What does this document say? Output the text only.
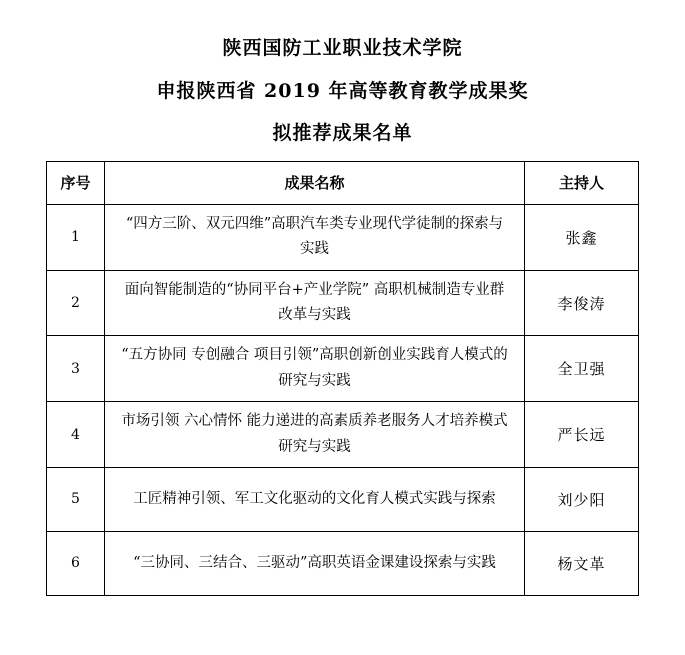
陕西国防工业职业技术学院
申报陕西省 2019 年高等教育教学成果奖
拟推荐成果名单
序号	成果名称	主持人
1	“四方三阶、双元四维”高职汽车类专业现代学徒制的探索与实践	张鑫
2	面向智能制造的“协同平台+产业学院” 高职机械制造专业群改革与实践	李俊涛
3	“五方协同 专创融合 项目引领”高职创新创业实践育人模式的研究与实践	全卫强
4	市场引领 六心情怀 能力递进的高素质养老服务人才培养模式研究与实践	严长远
5	工匠精神引领、军工文化驱动的文化育人模式实践与探索	刘少阳
6	“三协同、三结合、三驱动”高职英语金课建设探索与实践	杨文革
